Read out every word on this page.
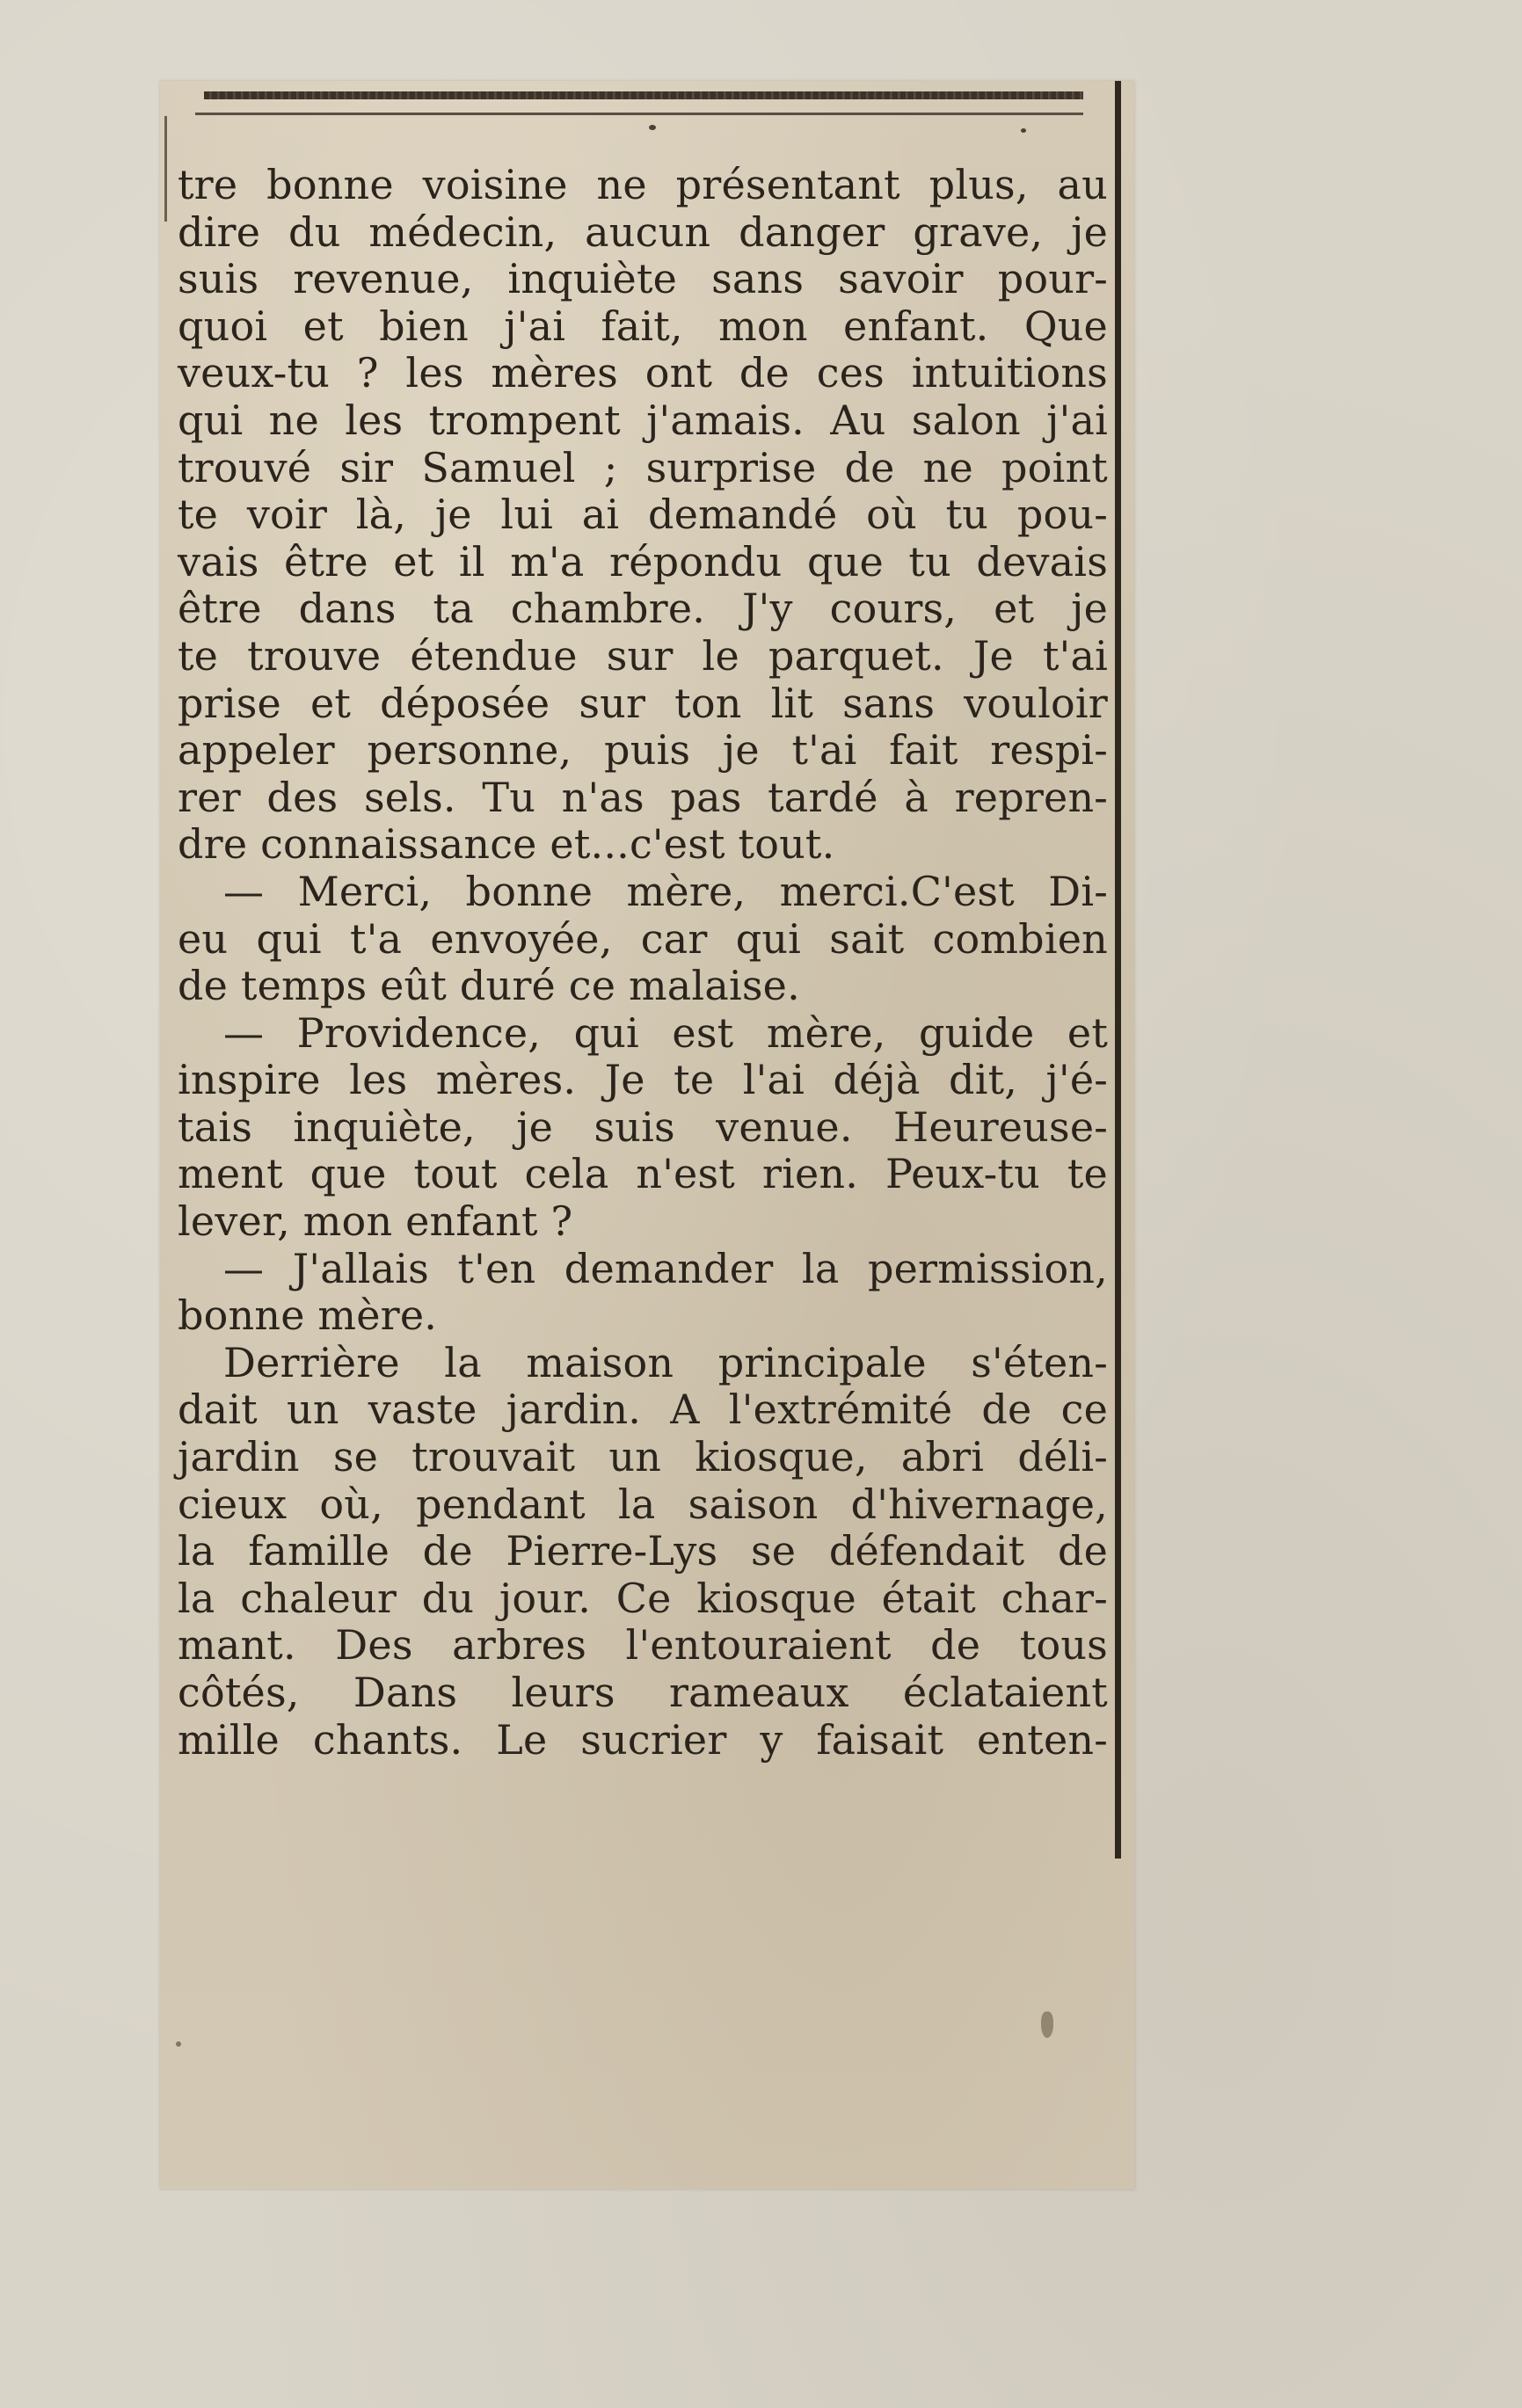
tre bonne voisine ne présentant plus, au
dire du médecin, aucun danger grave, je
suis revenue, inquiète sans savoir pour-
quoi et bien j'ai fait, mon enfant. Que
veux-tu ? les mères ont de ces intuitions
qui ne les trompent j'amais. Au salon j'ai
trouvé sir Samuel ; surprise de ne point
te voir là, je lui ai demandé où tu pou-
vais être et il m'a répondu que tu devais
être dans ta chambre. J'y cours, et je
te trouve étendue sur le parquet. Je t'ai
prise et déposée sur ton lit sans vouloir
appeler personne, puis je t'ai fait respi-
rer des sels. Tu n'as pas tardé à repren-
dre connaissance et...c'est tout.
— Merci, bonne mère, merci.C'est Di-
eu qui t'a envoyée, car qui sait combien
de temps eût duré ce malaise.
— Providence, qui est mère, guide et
inspire les mères. Je te l'ai déjà dit, j'é-
tais inquiète, je suis venue. Heureuse-
ment que tout cela n'est rien. Peux-tu te
lever, mon enfant ?
— J'allais t'en demander la permission,
bonne mère.
Derrière la maison principale s'éten-
dait un vaste jardin. A l'extrémité de ce
jardin se trouvait un kiosque, abri déli-
cieux où, pendant la saison d'hivernage,
la famille de Pierre-Lys se défendait de
la chaleur du jour. Ce kiosque était char-
mant. Des arbres l'entouraient de tous
côtés, Dans leurs rameaux éclataient
mille chants. Le sucrier y faisait enten-
